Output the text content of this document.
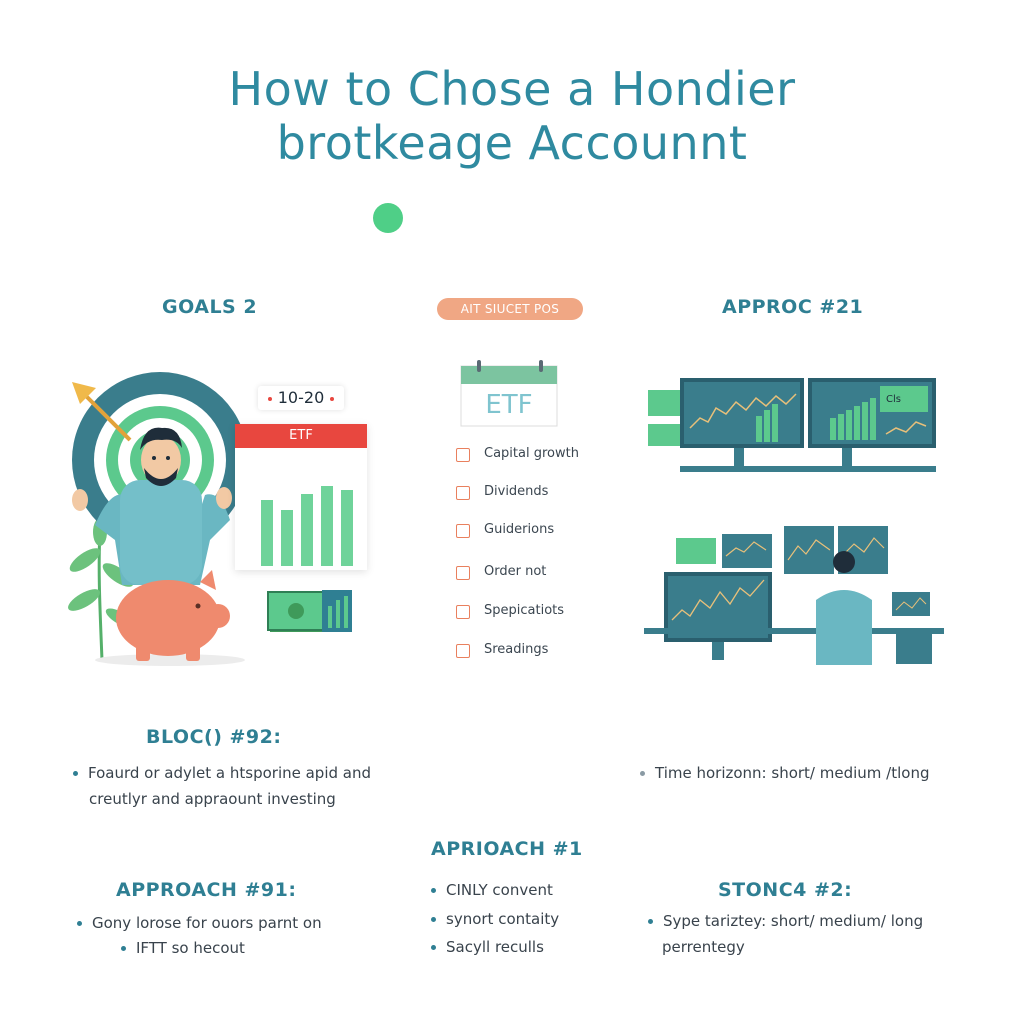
How to Chose a Hondier
brotkeage Accounnt
GOALS 2
10-20
ETF
AIT SIUCET POS
ETF
Capital growth
Dividends
Guiderions
Order not
Spepicatiots
Sreadings
APPROC #21
Cls
BLOC() #92:
Foaurd or adylet a htsporine apid and
creutlyr and appraount investing
Time horizonn: short/ medium /tlong
APRIOACH #1
CINLY convent
synort contaity
Sacyll reculls
APPROACH #91:
Gony lorose for ouors parnt on
IFTT so hecout
STONC4 #2:
Sype tariztey: short/ medium/ long
perrentegy
